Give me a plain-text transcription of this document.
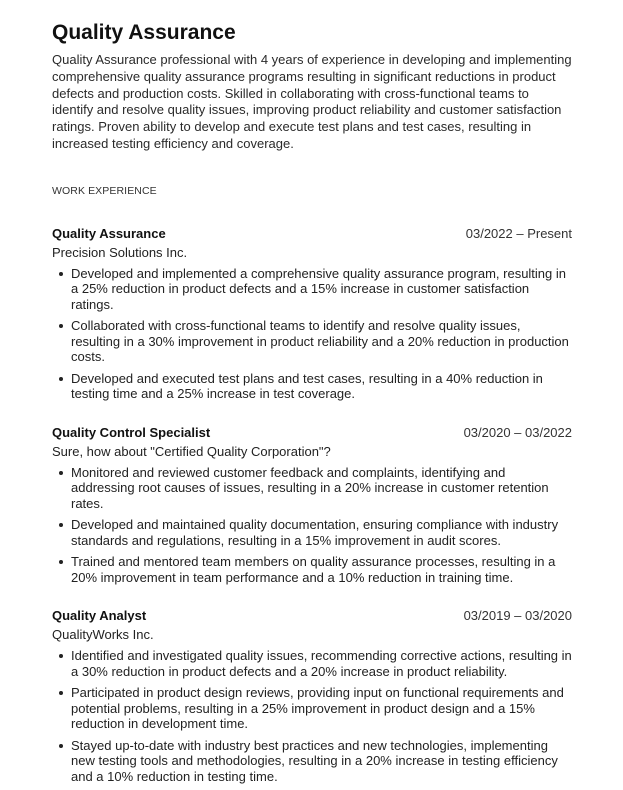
Quality Assurance

Quality Assurance professional with 4 years of experience in developing and implementing comprehensive quality assurance programs resulting in significant reductions in product defects and production costs. Skilled in collaborating with cross-functional teams to identify and resolve quality issues, improving product reliability and customer satisfaction ratings. Proven ability to develop and execute test plans and test cases, resulting in increased testing efficiency and coverage.

WORK EXPERIENCE
Quality Assurance	03/2022 – Present
Precision Solutions Inc.
Developed and implemented a comprehensive quality assurance program, resulting in a 25% reduction in product defects and a 15% increase in customer satisfaction ratings.
Collaborated with cross-functional teams to identify and resolve quality issues, resulting in a 30% improvement in product reliability and a 20% reduction in production costs.
Developed and executed test plans and test cases, resulting in a 40% reduction in testing time and a 25% increase in test coverage.
Quality Control Specialist	03/2020 – 03/2022
Sure, how about "Certified Quality Corporation"?
Monitored and reviewed customer feedback and complaints, identifying and addressing root causes of issues, resulting in a 20% increase in customer retention rates.
Developed and maintained quality documentation, ensuring compliance with industry standards and regulations, resulting in a 15% improvement in audit scores.
Trained and mentored team members on quality assurance processes, resulting in a 20% improvement in team performance and a 10% reduction in training time.
Quality Analyst	03/2019 – 03/2020
QualityWorks Inc.
Identified and investigated quality issues, recommending corrective actions, resulting in a 30% reduction in product defects and a 20% increase in product reliability.
Participated in product design reviews, providing input on functional requirements and potential problems, resulting in a 25% improvement in product design and a 15% reduction in development time.
Stayed up-to-date with industry best practices and new technologies, implementing new testing tools and methodologies, resulting in a 20% increase in testing efficiency and a 10% reduction in testing time.
